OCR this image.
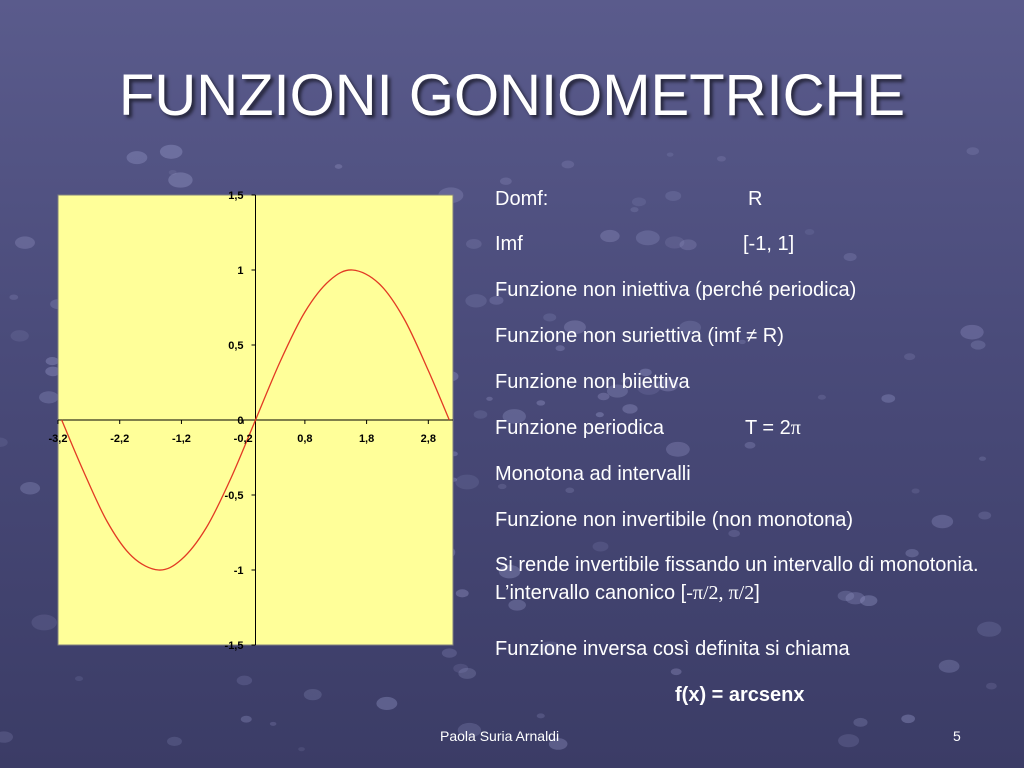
FUNZIONI GONIOMETRICHE
-3,2	-2,2	-1,2	-0,2	0,8	1,8	2,8
1,5
1
0,5
0
-0,5
-1
-1,5
Domf:	R
Imf	[-1, 1]
Funzione non iniettiva (perché periodica)
Funzione non suriettiva (imf ≠ R)
Funzione non biiettiva
Funzione periodica	T = 2π
Monotona ad intervalli
Funzione non invertibile (non monotona)
Si rende invertibile fissando un intervallo di monotonia. L’intervallo canonico [-π/2, π/2]
Funzione inversa così definita si chiama
f(x) = arcsenx
Paola Suria Arnaldi	5
